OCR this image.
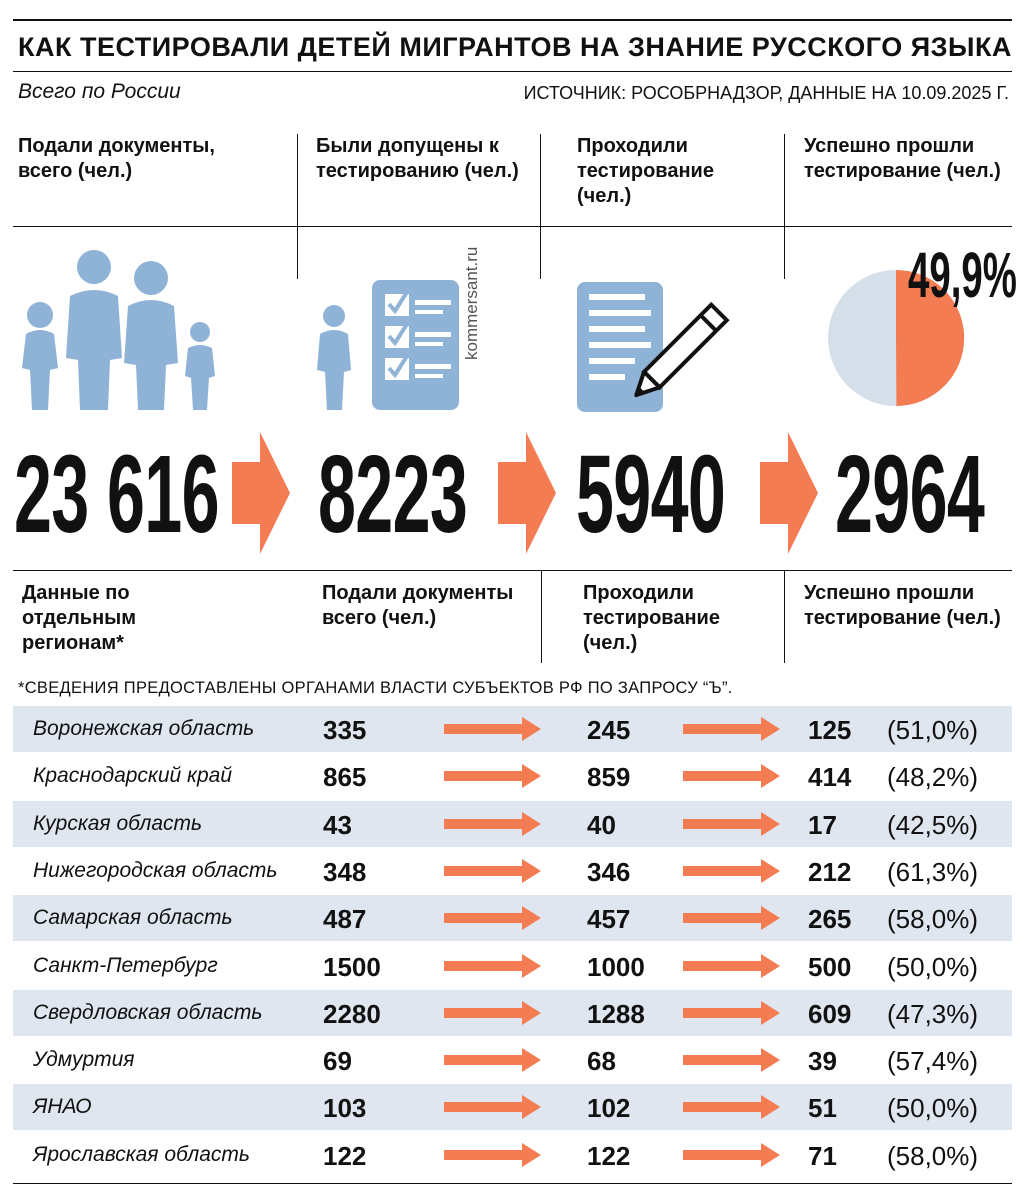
КАК ТЕСТИРОВАЛИ ДЕТЕЙ МИГРАНТОВ НА ЗНАНИЕ РУССКОГО ЯЗЫКА
Всего по России	ИСТОЧНИК: РОСОБРНАДЗОР, ДАННЫЕ НА 10.09.2025 Г.
Подали документы, всего (чел.)
Были допущены к тестированию (чел.)
Проходили тестирование (чел.)
Успешно прошли тестирование (чел.)
kommersant.ru	49,9%
23 616 8223 5940 2964
Данные по отдельным регионам*
Подали документы всего (чел.)
Проходили тестирование (чел.)
Успешно прошли тестирование (чел.)
*СВЕДЕНИЯ ПРЕДОСТАВЛЕНЫ ОРГАНАМИ ВЛАСТИ СУБЪЕКТОВ РФ ПО ЗАПРОСУ “Ъ”.
Воронежская область	335	245	125 (51,0%)
Краснодарский край	865	859	414 (48,2%)
Курская область	43	40	17 (42,5%)
Нижегородская область 348	346	212 (61,3%)
Самарская область	487	457	265 (58,0%)
Санкт-Петербург	1500	1000	500 (50,0%)
Свердловская область 2280	1288	609 (47,3%)
Удмуртия	69	68	39 (57,4%)
ЯНАО	103	102	51 (50,0%)
Ярославская область	122	122	71 (58,0%)
